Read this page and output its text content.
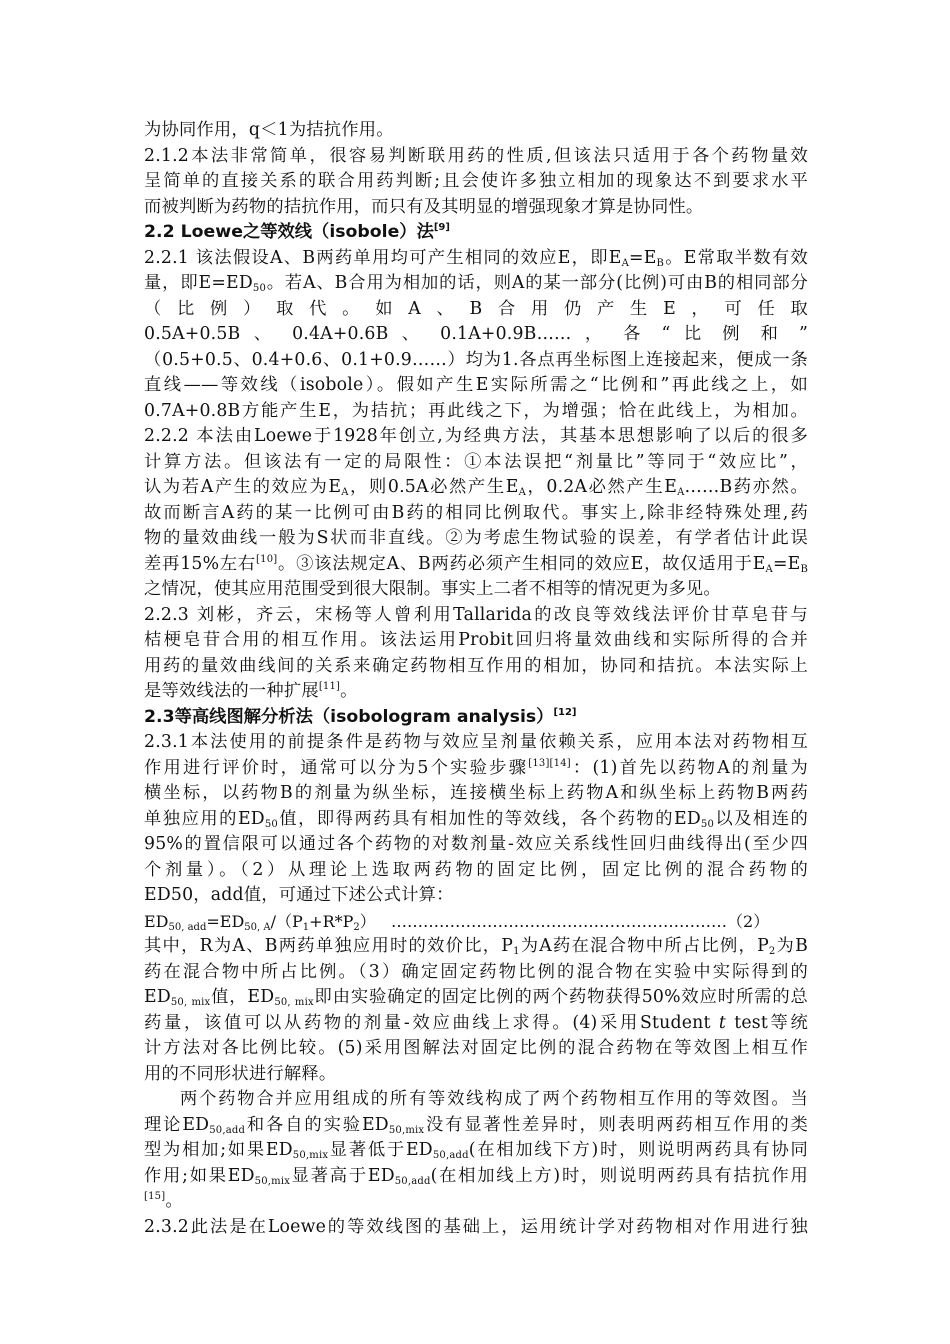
为协同作用，q＜1为拮抗作用。
2.1.2本法非常简单，很容易判断联用药的性质,但该法只适用于各个药物量效
呈简单的直接关系的联合用药判断;且会使许多独立相加的现象达不到要求水平
而被判断为药物的拮抗作用，而只有及其明显的增强现象才算是协同性。
2.2 Loewe之等效线（isobole）法[9]
2.2.1 该法假设A、B两药单用均可产生相同的效应E，即$E_A=E_B$。E常取半数有效
量，即$E=ED_{50}$。若A、B合用为相加的话，则A的某一部分(比例)可由B的相同部分
（比例）取代。如A、B合用仍产生E，可任取
0.5A+0.5B 、 0.4A+0.6B 、 0.1A+0.9B…… ， 各 “ 比 例 和 ”
（0.5+0.5、0.4+0.6、0.1+0.9……）均为1.各点再坐标图上连接起来，便成一条
直线——等效线（isobole）。假如产生E实际所需之“比例和”再此线之上，如
0.7A+0.8B方能产生E，为拮抗；再此线之下，为增强；恰在此线上，为相加。
2.2.2 本法由Loewe于1928年创立,为经典方法，其基本思想影响了以后的很多
计算方法。但该法有一定的局限性：①本法误把“剂量比”等同于“效应比”，
认为若A产生的效应为$E_A$，则0.5A必然产生$E_A$，0.2A必然产生$E_A\dots\dots B$药亦然。
故而断言A药的某一比例可由B药的相同比例取代。事实上,除非经特殊处理,药
物的量效曲线一般为S状而非直线。②为考虑生物试验的误差，有学者估计此误
差再15%左右[10]。③该法规定A、B两药必须产生相同的效应E，故仅适用于$E_A=E_B$
之情况，使其应用范围受到很大限制。事实上二者不相等的情况更为多见。
2.2.3 刘彬，齐云，宋杨等人曾利用Tallarida的改良等效线法评价甘草皂苷与
桔梗皂苷合用的相互作用。该法运用Probit回归将量效曲线和实际所得的合并
用药的量效曲线间的关系来确定药物相互作用的相加，协同和拮抗。本法实际上
是等效线法的一种扩展[11]。
2.3等高线图解分析法（isobologram analysis）[12]
2.3.1本法使用的前提条件是药物与效应呈剂量依赖关系，应用本法对药物相互
作用进行评价时，通常可以分为5个实验步骤[13][14]：(1)首先以药物A的剂量为
横坐标，以药物B的剂量为纵坐标，连接横坐标上药物A和纵坐标上药物B两药
单独应用的$ED_{50}$值，即得两药具有相加性的等效线，各个药物的$ED_{50}$以及相连的
95%的置信限可以通过各个药物的对数剂量-效应关系线性回归曲线得出(至少四
个剂量）。（2）从理论上选取两药物的固定比例，固定比例的混合药物的
ED50，add值，可通过下述公式计算：
$ED_{50, add}=ED_{50, A}/(P_1+R*P_2)$ ………………………………………………………（2）
其中，R为A、B两药单独应用时的效价比，$P_1$为A药在混合物中所占比例，$P_2$为B
药在混合物中所占比例。（3）确定固定药物比例的混合物在实验中实际得到的
$ED_{50, mix}$值，$ED_{50, mix}$即由实验确定的固定比例的两个药物获得50%效应时所需的总
药量，该值可以从药物的剂量-效应曲线上求得。(4)采用Student t test等统
计方法对各比例比较。(5)采用图解法对固定比例的混合药物在等效图上相互作
用的不同形状进行解释。
两个药物合并应用组成的所有等效线构成了两个药物相互作用的等效图。当
理论$ED_{50,add}$和各自的实验$ED_{50,mix}$没有显著性差异时，则表明两药相互作用的类
型为相加;如果$ED_{50,mix}$显著低于$ED_{50,add}$(在相加线下方)时，则说明两药具有协同
作用;如果$ED_{50,mix}$显著高于$ED_{50,add}$(在相加线上方)时，则说明两药具有拮抗作用
[15]。
2.3.2此法是在Loewe的等效线图的基础上，运用统计学对药物相对作用进行独
